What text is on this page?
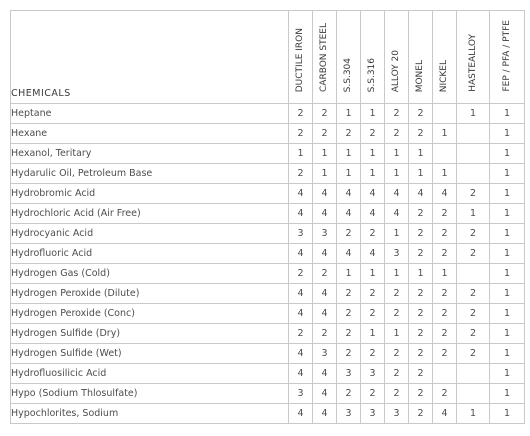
CHEMICALS	DUCTILE IRON	CARBON STEEL	S.S.304	S.S.316	ALLOY 20	MONEL	NICKEL	HASTEALLOY	FEP / PFA / PTFE
Heptane	2	2	1	1	2	2		1	1
Hexane	2	2	2	2	2	2	1		1
Hexanol, Teritary	1	1	1	1	1	1			1
Hydarulic Oil, Petroleum Base	2	1	1	1	1	1	1		1
Hydrobromic Acid	4	4	4	4	4	4	4	2	1
Hydrochloric Acid (Air Free)	4	4	4	4	4	2	2	1	1
Hydrocyanic Acid	3	3	2	2	1	2	2	2	1
Hydrofluoric Acid	4	4	4	4	3	2	2	2	1
Hydrogen Gas (Cold)	2	2	1	1	1	1	1		1
Hydrogen Peroxide (Dilute)	4	4	2	2	2	2	2	2	1
Hydrogen Peroxide (Conc)	4	4	2	2	2	2	2	2	1
Hydrogen Sulfide (Dry)	2	2	2	1	1	2	2	2	1
Hydrogen Sulfide (Wet)	4	3	2	2	2	2	2	2	1
Hydrofluosilicic Acid	4	4	3	3	2	2			1
Hypo (Sodium Thlosulfate)	3	4	2	2	2	2	2		1
Hypochlorites, Sodium	4	4	3	3	3	2	4	1	1
